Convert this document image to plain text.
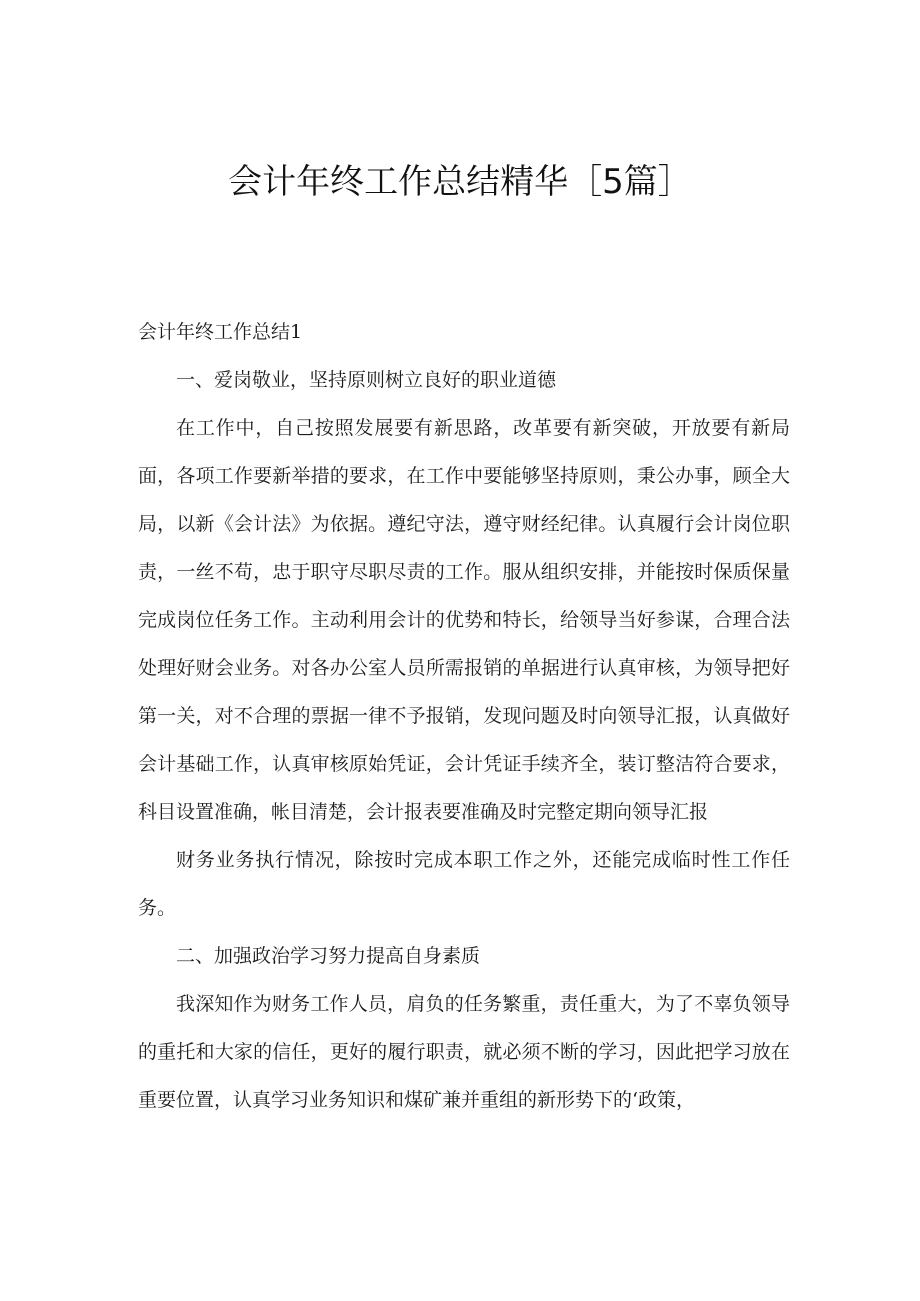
会计年终工作总结精华［5篇］

会计年终工作总结1

一、爱岗敬业，坚持原则树立良好的职业道德

在工作中，自己按照发展要有新思路，改革要有新突破，开放要有新局面，各项工作要新举措的要求，在工作中要能够坚持原则，秉公办事，顾全大局，以新《会计法》为依据。遵纪守法，遵守财经纪律。认真履行会计岗位职责，一丝不苟，忠于职守尽职尽责的工作。服从组织安排，并能按时保质保量完成岗位任务工作。主动利用会计的优势和特长，给领导当好参谋，合理合法处理好财会业务。对各办公室人员所需报销的单据进行认真审核，为领导把好第一关，对不合理的票据一律不予报销，发现问题及时向领导汇报，认真做好会计基础工作，认真审核原始凭证，会计凭证手续齐全，装订整洁符合要求，科目设置准确，帐目清楚，会计报表要准确及时完整定期向领导汇报

财务业务执行情况，除按时完成本职工作之外，还能完成临时性工作任务。

二、加强政治学习努力提高自身素质

我深知作为财务工作人员，肩负的任务繁重，责任重大，为了不辜负领导的重托和大家的信任，更好的履行职责，就必须不断的学习，因此把学习放在重要位置，认真学习业务知识和煤矿兼并重组的新形势下的‘政策，
